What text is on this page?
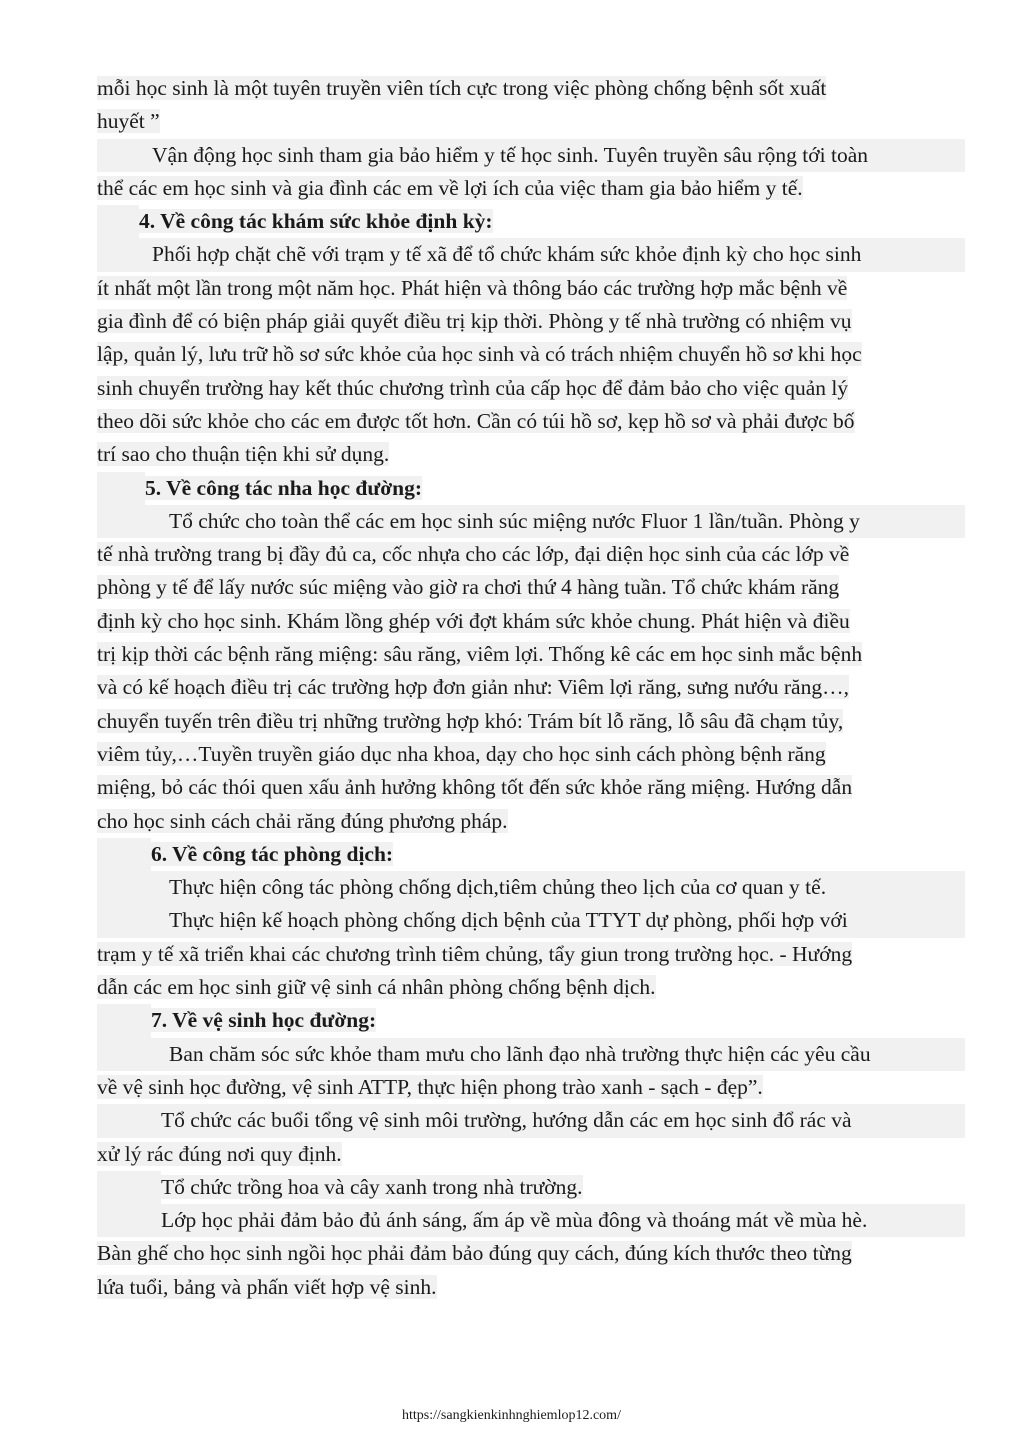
mỗi học sinh là một tuyên truyền viên tích cực trong việc phòng chống bệnh sốt xuất
huyết ”
Vận động học sinh tham gia bảo hiểm y tế học sinh. Tuyên truyền sâu rộng tới toàn
thể các em học sinh và gia đình các em về lợi ích của việc tham gia bảo hiểm y tế.
4. Về công tác khám sức khỏe định kỳ:
Phối hợp chặt chẽ với trạm y tế xã để tổ chức khám sức khỏe định kỳ cho học sinh
ít nhất một lần trong một năm học. Phát hiện và thông báo các trường hợp mắc bệnh về
gia đình để có biện pháp giải quyết điều trị kịp thời. Phòng y tế nhà trường có nhiệm vụ
lập, quản lý, lưu trữ hồ sơ sức khỏe của học sinh và có trách nhiệm chuyển hồ sơ khi học
sinh chuyển trường hay kết thúc chương trình của cấp học để đảm bảo cho việc quản lý
theo dõi sức khỏe cho các em được tốt hơn. Cần có túi hồ sơ, kẹp hồ sơ và phải được bố
trí sao cho thuận tiện khi sử dụng.
5. Về công tác nha học đường:
Tổ chức cho toàn thể các em học sinh súc miệng nước Fluor 1 lần/tuần. Phòng y
tế nhà trường trang bị đầy đủ ca, cốc nhựa cho các lớp, đại diện học sinh của các lớp về
phòng y tế để lấy nước súc miệng vào giờ ra chơi thứ 4 hàng tuần. Tổ chức khám răng
định kỳ cho học sinh. Khám lồng ghép với đợt khám sức khỏe chung. Phát hiện và điều
trị kịp thời các bệnh răng miệng: sâu răng, viêm lợi. Thống kê các em học sinh mắc bệnh
và có kế hoạch điều trị các trường hợp đơn giản như: Viêm lợi răng, sưng nướu răng…,
chuyển tuyến trên điều trị những trường hợp khó: Trám bít lỗ răng, lỗ sâu đã chạm tủy,
viêm tủy,…Tuyền truyền giáo dục nha khoa, dạy cho học sinh cách phòng bệnh răng
miệng, bỏ các thói quen xấu ảnh hưởng không tốt đến sức khỏe răng miệng. Hướng dẫn
cho học sinh cách chải răng đúng phương pháp.
6. Về công tác phòng dịch:
Thực hiện công tác phòng chống dịch,tiêm chủng theo lịch của cơ quan y tế.
Thực hiện kế hoạch phòng chống dịch bệnh của TTYT dự phòng, phối hợp với
trạm y tế xã triển khai các chương trình tiêm chủng, tẩy giun trong trường học. - Hướng
dẫn các em học sinh giữ vệ sinh cá nhân phòng chống bệnh dịch.
7. Về vệ sinh học đường:
Ban chăm sóc sức khỏe tham mưu cho lãnh đạo nhà trường thực hiện các yêu cầu
về vệ sinh học đường, vệ sinh ATTP, thực hiện phong trào xanh - sạch - đẹp”.
Tổ chức các buổi tổng vệ sinh môi trường, hướng dẫn các em học sinh đổ rác và
xử lý rác đúng nơi quy định.
Tổ chức trồng hoa và cây xanh trong nhà trường.
Lớp học phải đảm bảo đủ ánh sáng, ấm áp về mùa đông và thoáng mát về mùa hè.
Bàn ghế cho học sinh ngồi học phải đảm bảo đúng quy cách, đúng kích thước theo từng
lứa tuổi, bảng và phấn viết hợp vệ sinh.
https://sangkienkinhnghiemlop12.com/
